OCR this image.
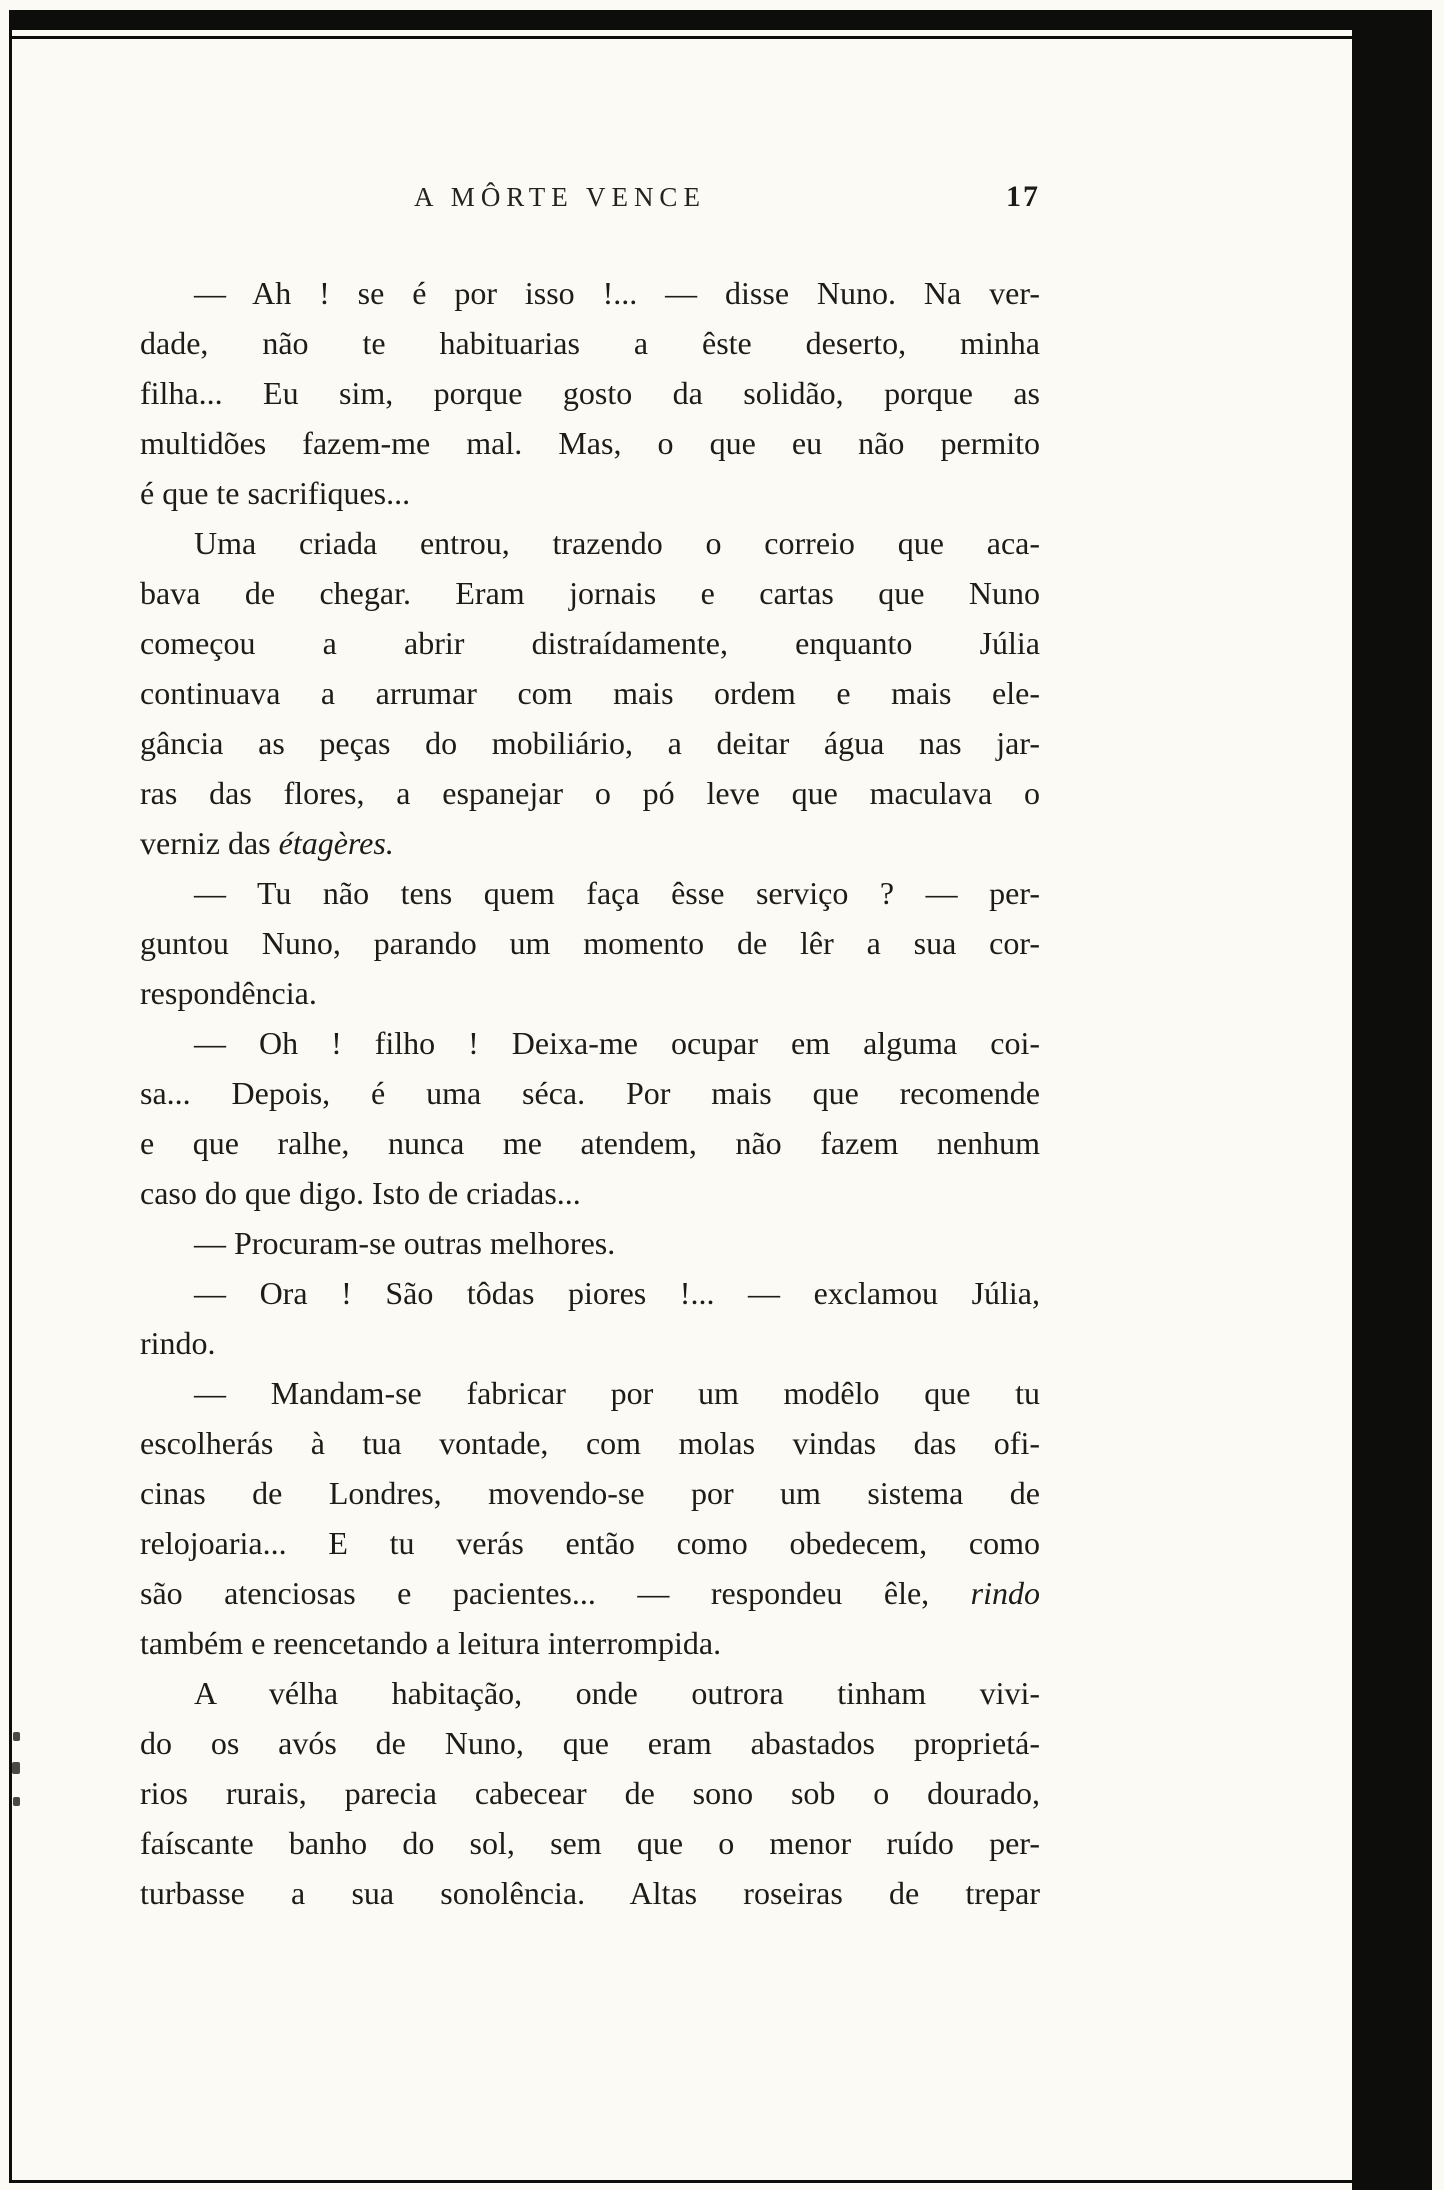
A MÔRTE VENCE	17
— Ah ! se é por isso !... — disse Nuno. Na ver-
dade, não te habituarias a êste deserto, minha
filha... Eu sim, porque gosto da solidão, porque as
multidões fazem-me mal. Mas, o que eu não permito
é que te sacrifiques...
Uma criada entrou, trazendo o correio que aca-
bava de chegar. Eram jornais e cartas que Nuno
começou a abrir distraídamente, enquanto Júlia
continuava a arrumar com mais ordem e mais ele-
gância as peças do mobiliário, a deitar água nas jar-
ras das flores, a espanejar o pó leve que maculava o
verniz das étagères.
— Tu não tens quem faça êsse serviço ? — per-
guntou Nuno, parando um momento de lêr a sua cor-
respondência.
— Oh ! filho ! Deixa-me ocupar em alguma coi-
sa... Depois, é uma séca. Por mais que recomende
e que ralhe, nunca me atendem, não fazem nenhum
caso do que digo. Isto de criadas...
— Procuram-se outras melhores.
— Ora ! São tôdas piores !... — exclamou Júlia,
rindo.
— Mandam-se fabricar por um modêlo que tu
escolherás à tua vontade, com molas vindas das ofi-
cinas de Londres, movendo-se por um sistema de
relojoaria... E tu verás então como obedecem, como
são atenciosas e pacientes... — respondeu êle, rindo
também e reencetando a leitura interrompida.
A vélha habitação, onde outrora tinham vivi-
do os avós de Nuno, que eram abastados proprietá-
rios rurais, parecia cabecear de sono sob o dourado,
faíscante banho do sol, sem que o menor ruído per-
turbasse a sua sonolência. Altas roseiras de trepar
